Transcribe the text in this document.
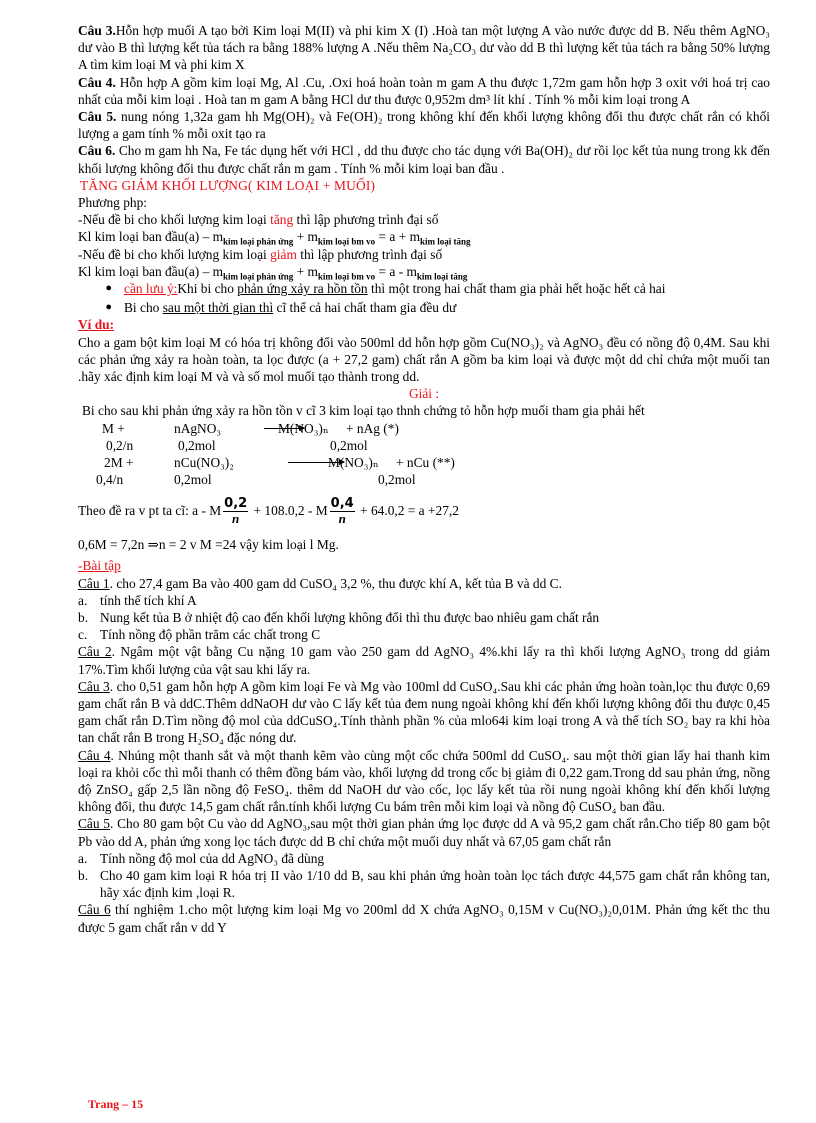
Câu 3.Hỗn hợp muối A tạo bởi Kim loại M(II) và phi kim X (I) .Hoà tan một lượng A vào nước được dd B. Nếu thêm AgNO₃ dư vào B thì lượng kết tủa tách ra bằng 188% lượng A .Nếu thêm Na₂CO₃ dư vào dd B thì lượng kết tủa tách ra bằng 50% lượng A tìm kim loại M và phi kim X

Câu 4. Hỗn hợp A gồm kim loại Mg, Al .Cu, .Oxi hoá hoàn toàn m gam A thu được 1,72m gam hỗn hợp 3 oxit với hoá trị cao nhất của mỗi kim loại . Hoà tan m gam A bằng HCl dư thu được 0,952m dm³ lít khí . Tính % mỗi kim loại trong A

Câu 5. nung nóng 1,32a gam hh Mg(OH)₂ và Fe(OH)₂ trong không khí đến khối lượng không đổi thu được chất rắn có khối lượng a gam tính % mỗi oxit tạo ra

Câu 6. Cho m gam hh Na, Fe tác dụng hết với HCl , dd thu được cho tác dụng với Ba(OH)₂ dư rồi lọc kết tủa nung trong kk đến khối lượng không đổi thu được chất rắn m gam . Tính % mỗi kim loại ban đầu .

TĂNG GIẢM KHỐI LƯỢNG( KIM LOẠI + MUỐI)

Phương php:

-Nếu đề bi cho khối lượng kim loại tăng thì lập phương trình đại số

Kl kim loại ban đầu(a) – $m_{kim loại phản ứng} + m_{kim loại bm vo} = a + m_{kim loại tăng}$

-Nếu đề bi cho khối lượng kim loại giảm thì lập phương trình đại số

Kl kim loại ban đầu(a) – $m_{kim loại phản ứng} + m_{kim loại bm vo} = a - m_{kim loại tăng}$

● cần lưu ý:Khi bi cho phản ứng xảy ra hồn tồn thì một trong hai chất tham gia phải hết hoặc hết cả hai
● Bi cho sau một thời gian thì cĩ thể cả hai chất tham gia đều dư

Ví du:

Cho a gam bột kim loại M có hóa trị không đổi vào 500ml dd hỗn hợp gồm Cu(NO₃)₂ và AgNO₃ đều có nồng độ 0,4M. Sau khi các phản ứng xảy ra hoàn toàn, ta lọc được (a + 27,2 gam) chất rắn A gồm ba kim loại và được một dd chỉ chứa một muối tan .hãy xác định kim loại M và và số mol muối tạo thành trong dd.

Giải :

Bi cho sau khi phản ứng xảy ra hồn tồn v cĩ 3 kim loại tạo thnh chứng tỏ hỗn hợp muối tham gia phải hết

M +	nAgNO₃	M(NO₃)ₙ + nAg (*)
0,2/n	0,2mol	0,2mol
2M +	nCu(NO₃)₂	M(NO₃)ₙ + nCu (**)
0,4/n	0,2mol	0,2mol

Theo đề ra v pt ta cĩ: a - M $\frac{0,2}{n} + 108.0,2 - M \frac{0,4}{n} + 64.0,2 = a +27,2$

0,6M = 7,2n ⇒n = 2 v M =24 vậy kim loại l Mg.

-Bài tập

Câu 1. cho 27,4 gam Ba vào 400 gam dd CuSO₄ 3,2 %, thu được khí A, kết tủa B và dd C.

a. tính thể tích khí A
b. Nung kết tủa B ở nhiệt độ cao đến khối lượng không đổi thì thu được bao nhiêu gam chất rắn
c. Tính nồng độ phần trăm các chất trong C

Câu 2. Ngâm một vật bằng Cu nặng 10 gam vào 250 gam dd AgNO₃ 4%.khi lấy ra thì khối lượng AgNO₃ trong dd giảm 17%.Tìm khối lượng của vật sau khi lấy ra.

Câu 3. cho 0,51 gam hỗn hợp A gồm kim loại Fe và Mg vào 100ml dd CuSO₄.Sau khi các phản ứng hoàn toàn,lọc thu được 0,69 gam chất rắn B và ddC.Thêm ddNaOH dư vào C lấy kết tủa đem nung ngoài không khí đến khối lượng không đổi thu được 0,45 gam chất rắn D.Tìm nồng độ mol của ddCuSO₄.Tính thành phần % của mlo64i kim loại trong A và thể tích SO₂ bay ra khi hòa tan chất rắn B trong H₂SO₄ đặc nóng dư.

Câu 4. Nhúng một thanh sắt và một thanh kẽm vào cùng một cốc chứa 500ml dd CuSO₄. sau một thời gian lấy hai thanh kim loại ra khỏi cốc thì mỗi thanh có thêm đồng bám vào, khối lượng dd trong cốc bị giảm đi 0,22 gam.Trong dd sau phản ứng, nồng độ ZnSO₄ gấp 2,5 lần nồng độ FeSO₄. thêm dd NaOH dư vào cốc, lọc lấy kết tủa rồi nung ngoài không khí đến khối lượng không đổi, thu được 14,5 gam chất rắn.tính khối lượng Cu bám trên mỗi kim loại và nồng độ CuSO₄ ban đầu.

Câu 5. Cho 80 gam bột Cu vào dd AgNO₃,sau một thời gian phản ứng lọc được dd A và 95,2 gam chất rắn.Cho tiếp 80 gam bột Pb vào dd A, phản ứng xong lọc tách được dd B chỉ chứa một muối duy nhất và 67,05 gam chất rắn

a. Tính nồng độ mol của dd AgNO₃ đã dùng
b. Cho 40 gam kim loại R hóa trị II vào 1/10 dd B, sau khi phản ứng hoàn toàn lọc tách được 44,575 gam chất rắn không tan, hãy xác định kim ,loại R.

Câu 6 thí nghiệm 1.cho một lượng kim loại Mg vo 200ml dd X chứa AgNO₃ 0,15M v Cu(NO₃)₂0,01M. Phản ứng kết thc thu được 5 gam chất rắn v dd Y

Trang – 15
